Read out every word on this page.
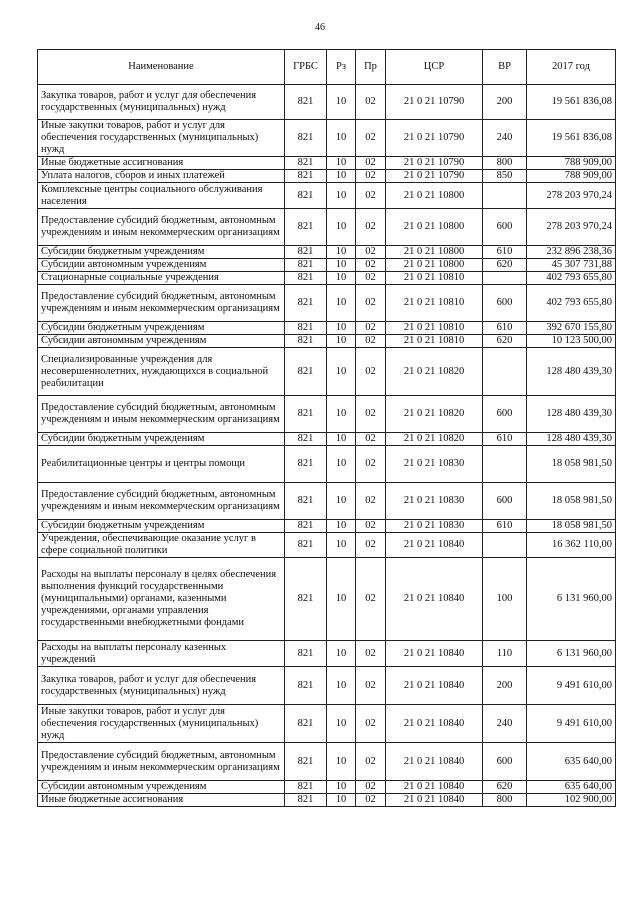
46
Наименование	ГРБС	Рз	Пр	ЦСР	ВР	2017 год
Закупка товаров, работ и услуг для обеспечения государственных (муниципальных) нужд	821	10	02	21 0 21 10790	200	19 561 836,08
Иные закупки товаров, работ и услуг для обеспечения государственных (муниципальных) нужд	821	10	02	21 0 21 10790	240	19 561 836,08
Иные бюджетные ассигнования	821	10	02	21 0 21 10790	800	788 909,00
Уплата налогов, сборов и иных платежей	821	10	02	21 0 21 10790	850	788 909,00
Комплексные центры социального обслуживания населения	821	10	02	21 0 21 10800		278 203 970,24
Предоставление субсидий бюджетным, автономным учреждениям и иным некоммерческим организациям	821	10	02	21 0 21 10800	600	278 203 970,24
Субсидии бюджетным учреждениям	821	10	02	21 0 21 10800	610	232 896 238,36
Субсидии автономным учреждениям	821	10	02	21 0 21 10800	620	45 307 731,88
Стационарные социальные учреждения	821	10	02	21 0 21 10810		402 793 655,80
Предоставление субсидий бюджетным, автономным учреждениям и иным некоммерческим организациям	821	10	02	21 0 21 10810	600	402 793 655,80
Субсидии бюджетным учреждениям	821	10	02	21 0 21 10810	610	392 670 155,80
Субсидии автономным учреждениям	821	10	02	21 0 21 10810	620	10 123 500,00
Специализированные учреждения для несовершеннолетних, нуждающихся в социальной реабилитации	821	10	02	21 0 21 10820		128 480 439,30
Предоставление субсидий бюджетным, автономным учреждениям и иным некоммерческим организациям	821	10	02	21 0 21 10820	600	128 480 439,30
Субсидии бюджетным учреждениям	821	10	02	21 0 21 10820	610	128 480 439,30
Реабилитационные центры и центры помощи	821	10	02	21 0 21 10830		18 058 981,50
Предоставление субсидий бюджетным, автономным учреждениям и иным некоммерческим организациям	821	10	02	21 0 21 10830	600	18 058 981,50
Субсидии бюджетным учреждениям	821	10	02	21 0 21 10830	610	18 058 981,50
Учреждения, обеспечивающие оказание услуг в сфере социальной политики	821	10	02	21 0 21 10840		16 362 110,00
Расходы на выплаты персоналу в целях обеспечения выполнения функций государственными (муниципальными) органами, казенными учреждениями, органами управления государственными внебюджетными фондами	821	10	02	21 0 21 10840	100	6 131 960,00
Расходы на выплаты персоналу казенных учреждений	821	10	02	21 0 21 10840	110	6 131 960,00
Закупка товаров, работ и услуг для обеспечения государственных (муниципальных) нужд	821	10	02	21 0 21 10840	200	9 491 610,00
Иные закупки товаров, работ и услуг для обеспечения государственных (муниципальных) нужд	821	10	02	21 0 21 10840	240	9 491 610,00
Предоставление субсидий бюджетным, автономным учреждениям и иным некоммерческим организациям	821	10	02	21 0 21 10840	600	635 640,00
Субсидии автономным учреждениям	821	10	02	21 0 21 10840	620	635 640,00
Иные бюджетные ассигнования	821	10	02	21 0 21 10840	800	102 900,00
